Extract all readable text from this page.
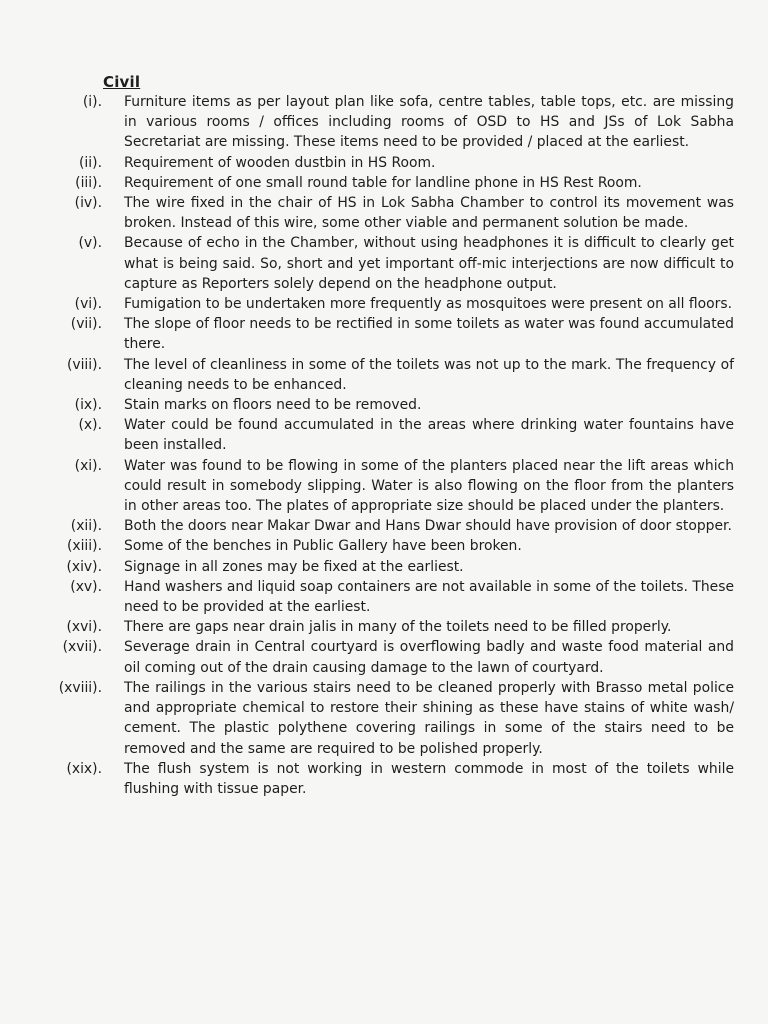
Civil
(i).	Furniture items as per layout plan like sofa, centre tables, table tops, etc. are missing in various rooms / offices including rooms of OSD to HS and JSs of Lok Sabha Secretariat are missing. These items need to be provided / placed at the earliest.
(ii).	Requirement of wooden dustbin in HS Room.
(iii).	Requirement of one small round table for landline phone in HS Rest Room.
(iv).	The wire fixed in the chair of HS in Lok Sabha Chamber to control its movement was broken. Instead of this wire, some other viable and permanent solution be made.
(v).	Because of echo in the Chamber, without using headphones it is difficult to clearly get what is being said. So, short and yet important off-mic interjections are now difficult to capture as Reporters solely depend on the headphone output.
(vi).	Fumigation to be undertaken more frequently as mosquitoes were present on all floors.
(vii).	The slope of floor needs to be rectified in some toilets as water was found accumulated there.
(viii).	The level of cleanliness in some of the toilets was not up to the mark. The frequency of cleaning needs to be enhanced.
(ix).	Stain marks on floors need to be removed.
(x).	Water could be found accumulated in the areas where drinking water fountains have been installed.
(xi).	Water was found to be flowing in some of the planters placed near the lift areas which could result in somebody slipping. Water is also flowing on the floor from the planters in other areas too. The plates of appropriate size should be placed under the planters.
(xii).	Both the doors near Makar Dwar and Hans Dwar should have provision of door stopper.
(xiii).	Some of the benches in Public Gallery have been broken.
(xiv).	Signage in all zones may be fixed at the earliest.
(xv).	Hand washers and liquid soap containers are not available in some of the toilets. These need to be provided at the earliest.
(xvi).	There are gaps near drain jalis in many of the toilets need to be filled properly.
(xvii).	Severage drain in Central courtyard is overflowing badly and waste food material and oil coming out of the drain causing damage to the lawn of courtyard.
(xviii).	The railings in the various stairs need to be cleaned properly with Brasso metal police and appropriate chemical to restore their shining as these have stains of white wash/ cement. The plastic polythene covering railings in some of the stairs need to be removed and the same are required to be polished properly.
(xix).	The flush system is not working in western commode in most of the toilets while flushing with tissue paper.
